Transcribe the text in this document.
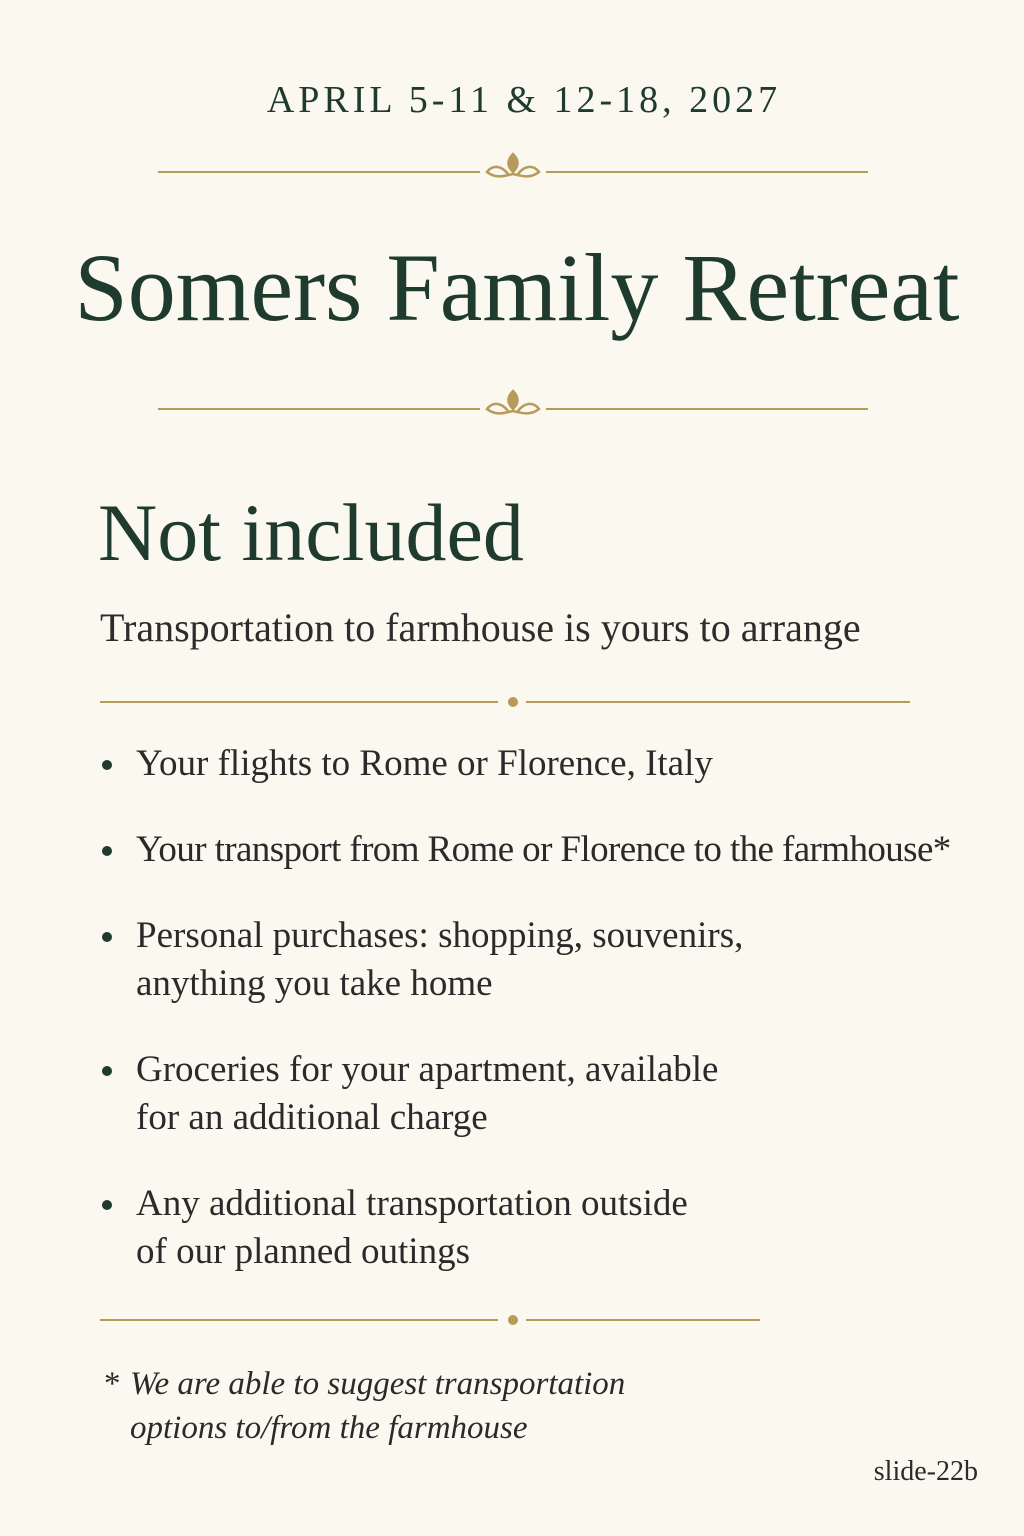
APRIL 5-11 & 12-18, 2027
Somers Family Retreat
Not included
Transportation to farmhouse is yours to arrange
Your flights to Rome or Florence, Italy
Your transport from Rome or Florence to the farmhouse*
Personal purchases: shopping, souvenirs,
anything you take home
Groceries for your apartment, available
for an additional charge
Any additional transportation outside
of our planned outings
* We are able to suggest transportation
options to/from the farmhouse
slide-22b
